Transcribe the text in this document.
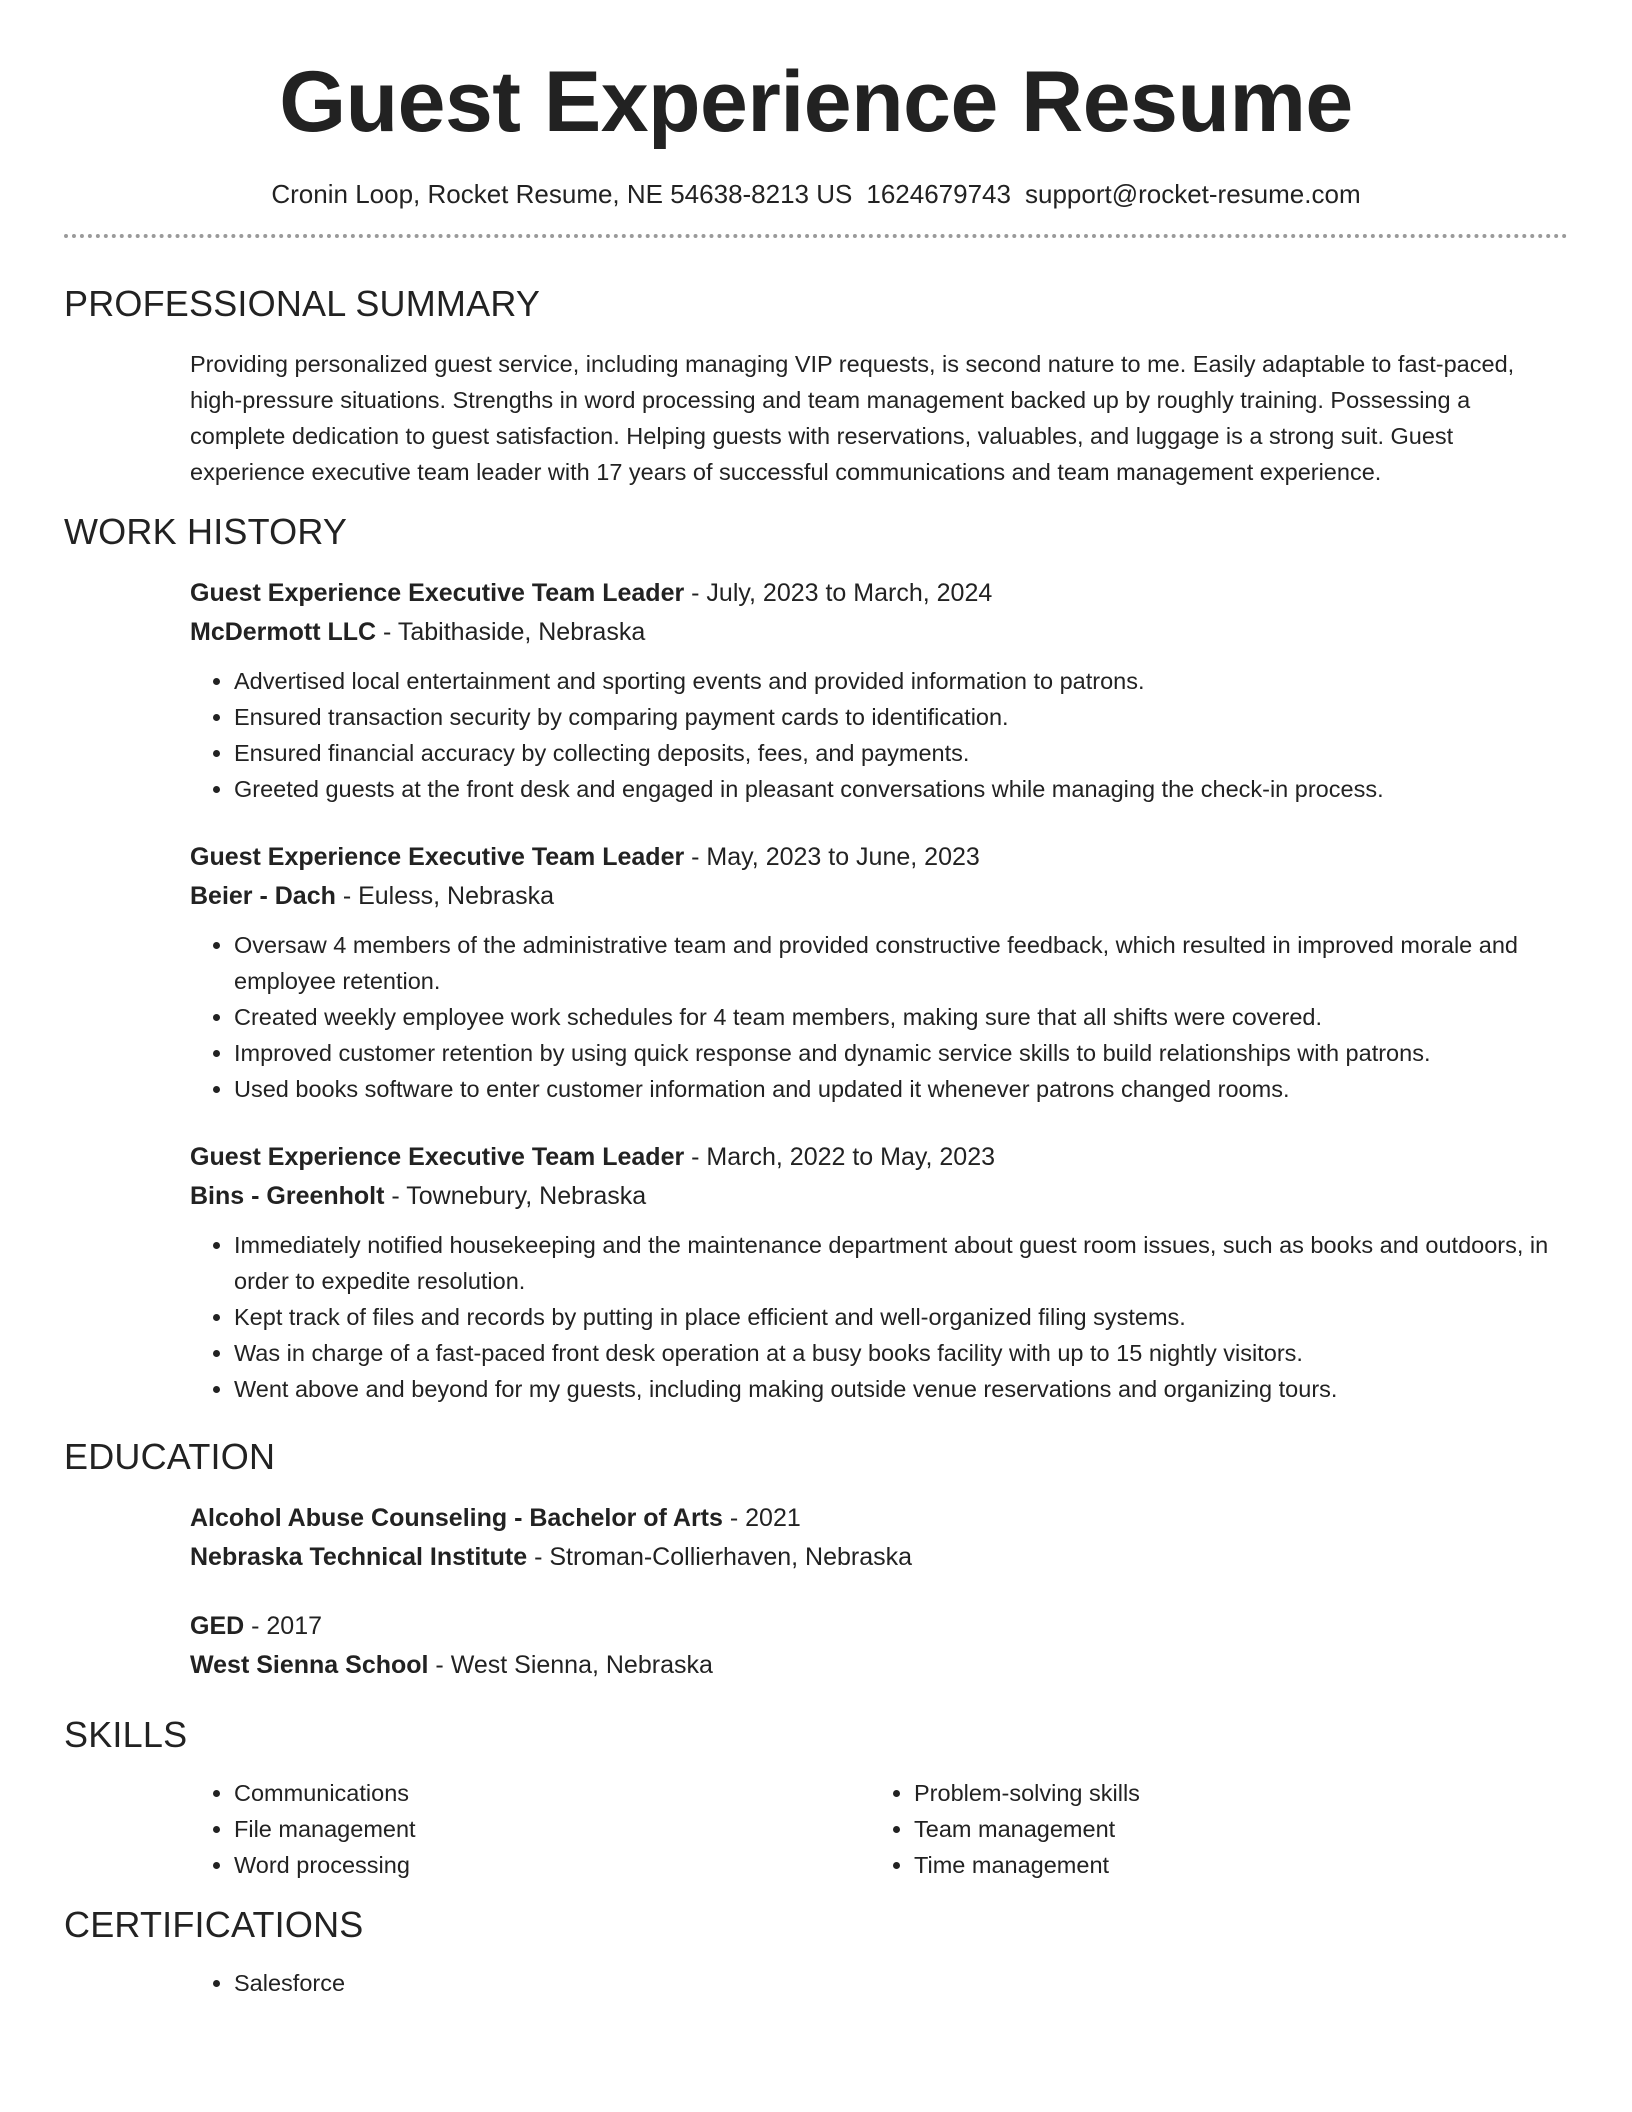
Guest Experience Resume
Cronin Loop, Rocket Resume, NE 54638-8213 US 1624679743 support@rocket-resume.com
PROFESSIONAL SUMMARY

Providing personalized guest service, including managing VIP requests, is second nature to me. Easily adaptable to fast-paced, high-pressure situations. Strengths in word processing and team management backed up by roughly training. Possessing a complete dedication to guest satisfaction. Helping guests with reservations, valuables, and luggage is a strong suit. Guest experience executive team leader with 17 years of successful communications and team management experience.

WORK HISTORY
Guest Experience Executive Team Leader - July, 2023 to March, 2024
McDermott LLC - Tabithaside, Nebraska
• Advertised local entertainment and sporting events and provided information to patrons.
• Ensured transaction security by comparing payment cards to identification.
• Ensured financial accuracy by collecting deposits, fees, and payments.
• Greeted guests at the front desk and engaged in pleasant conversations while managing the check-in process.
Guest Experience Executive Team Leader - May, 2023 to June, 2023
Beier - Dach - Euless, Nebraska
• Oversaw 4 members of the administrative team and provided constructive feedback, which resulted in improved morale and employee retention.
• Created weekly employee work schedules for 4 team members, making sure that all shifts were covered.
• Improved customer retention by using quick response and dynamic service skills to build relationships with patrons.
• Used books software to enter customer information and updated it whenever patrons changed rooms.
Guest Experience Executive Team Leader - March, 2022 to May, 2023
Bins - Greenholt - Townebury, Nebraska
• Immediately notified housekeeping and the maintenance department about guest room issues, such as books and outdoors, in order to expedite resolution.
• Kept track of files and records by putting in place efficient and well-organized filing systems.
• Was in charge of a fast-paced front desk operation at a busy books facility with up to 15 nightly visitors.
• Went above and beyond for my guests, including making outside venue reservations and organizing tours.
EDUCATION
Alcohol Abuse Counseling - Bachelor of Arts - 2021
Nebraska Technical Institute - Stroman-Collierhaven, Nebraska
GED - 2017
West Sienna School - West Sienna, Nebraska
SKILLS
• Communications
• File management
• Word processing
• Problem-solving skills
• Team management
• Time management
CERTIFICATIONS
• Salesforce
